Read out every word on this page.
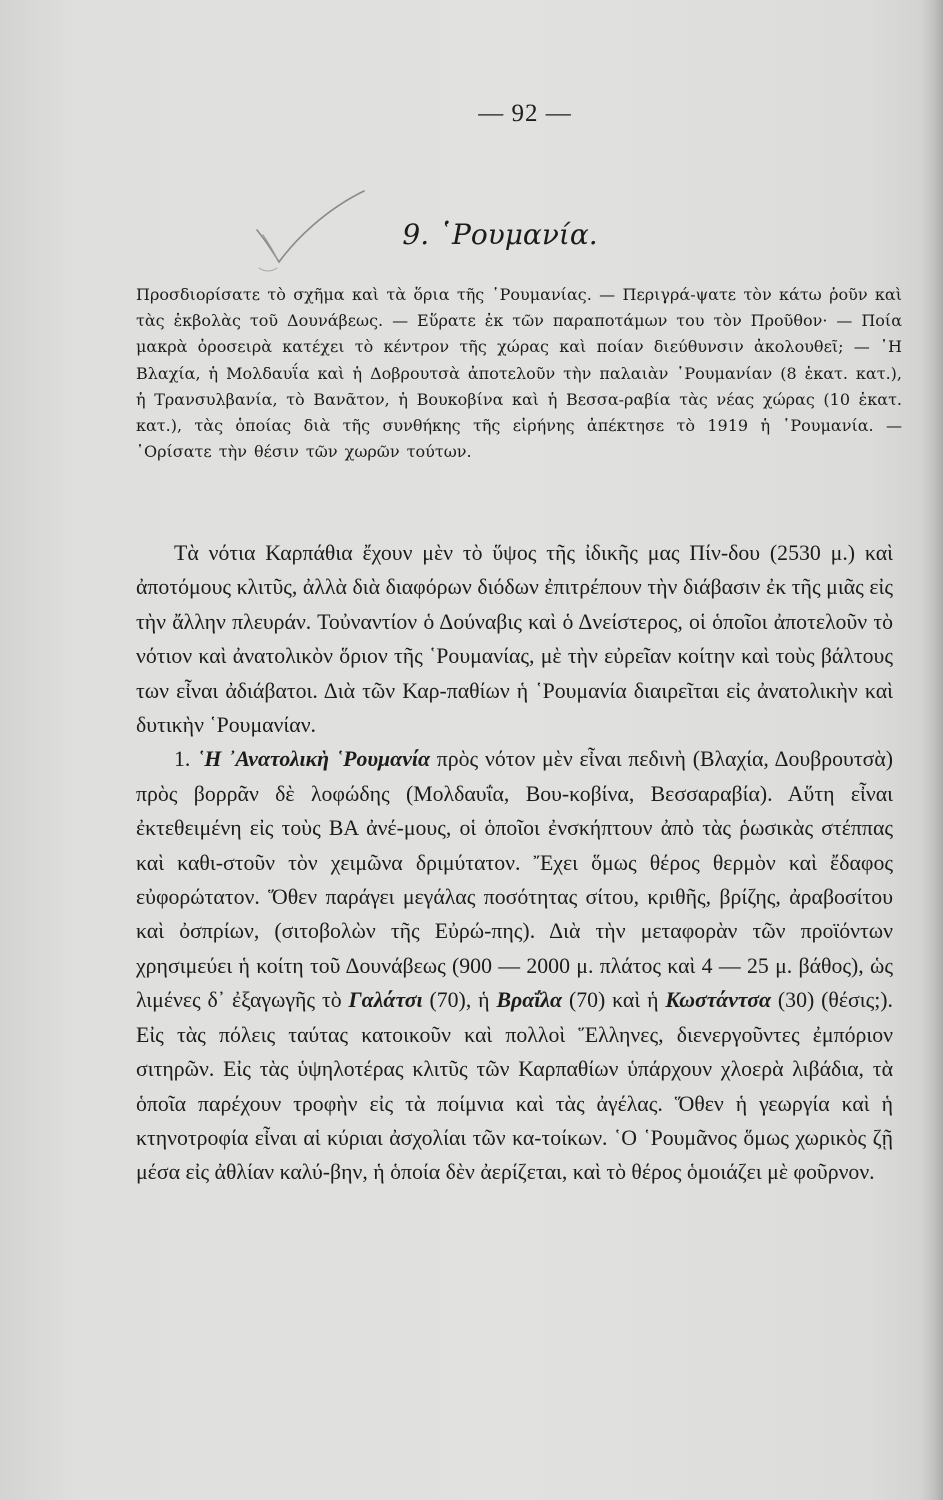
— 92 —
9. ῾Ρουμανία.

Προσδιορίσατε τὸ σχῆμα καὶ τὰ ὅρια τῆς ῾Ρουμανίας. — Περιγρά-ψατε τὸν κάτω ῥοῦν καὶ τὰς ἐκβολὰς τοῦ Δουνάβεως. — Εὕρατε ἐκ τῶν παραποτάμων του τὸν Προῦθον· — Ποία μακρὰ ὀροσειρὰ κατέχει τὸ κέντρον τῆς χώρας καὶ ποίαν διεύθυνσιν ἀκολουθεῖ; — ῾Η Βλαχία, ἡ Μολδαυΐα καὶ ἡ Δοβρουτσὰ ἀποτελοῦν τὴν παλαιὰν ῾Ρουμανίαν (8 ἑκατ. κατ.), ἡ Τρανσυλβανία, τὸ Βανᾶτον, ἡ Βουκοβίνα καὶ ἡ Βεσσα-ραβία τὰς νέας χώρας (10 ἑκατ. κατ.), τὰς ὁποίας διὰ τῆς συνθήκης τῆς εἰρήνης ἀπέκτησε τὸ 1919 ἡ ῾Ρουμανία. — ῾Ορίσατε τὴν θέσιν τῶν χωρῶν τούτων.

Τὰ νότια Καρπάθια ἔχουν μὲν τὸ ὕψος τῆς ἰδικῆς μας Πίν-δου (2530 μ.) καὶ ἀποτόμους κλιτῦς, ἀλλὰ διὰ διαφόρων διόδων ἐπιτρέπουν τὴν διάβασιν ἐκ τῆς μιᾶς εἰς τὴν ἄλλην πλευράν. Τοὐναντίον ὁ Δούναβις καὶ ὁ Δνείστερος, οἱ ὁποῖοι ἀποτελοῦν τὸ νότιον καὶ ἀνατολικὸν ὅριον τῆς ῾Ρουμανίας, μὲ τὴν εὐρεῖαν κοίτην καὶ τοὺς βάλτους των εἶναι ἀδιάβατοι. Διὰ τῶν Καρ-παθίων ἡ ῾Ρουμανία διαιρεῖται εἰς ἀνατολικὴν καὶ δυτικὴν ῾Ρουμανίαν.

1. ῾Η ᾿Ανατολικὴ ῾Ρουμανία πρὸς νότον μὲν εἶναι πεδινὴ (Βλαχία, Δουβρουτσὰ) πρὸς βορρᾶν δὲ λοφώδης (Μολδαυΐα, Βου-κοβίνα, Βεσσαραβία). Αὕτη εἶναι ἐκτεθειμένη εἰς τοὺς ΒΑ ἀνέ-μους, οἱ ὁποῖοι ἐνσκήπτουν ἀπὸ τὰς ῥωσικὰς στέππας καὶ καθι-στοῦν τὸν χειμῶνα δριμύτατον. Ἔχει ὅμως θέρος θερμὸν καὶ ἔδαφος εὐφορώτατον. Ὅθεν παράγει μεγάλας ποσότητας σίτου, κριθῆς, βρίζης, ἀραβοσίτου καὶ ὀσπρίων, (σιτοβολὼν τῆς Εὐρώ-πης). Διὰ τὴν μεταφορὰν τῶν προϊόντων χρησιμεύει ἡ κοίτη τοῦ Δουνάβεως (900 — 2000 μ. πλάτος καὶ 4 — 25 μ. βάθος), ὡς λιμένες δ᾿ ἐξαγωγῆς τὸ Γαλάτσι (70), ἡ Βραΐλα (70) καὶ ἡ Κωστάντσα (30) (θέσις;). Εἰς τὰς πόλεις ταύτας κατοικοῦν καὶ πολλοὶ Ἕλληνες, διενεργοῦντες ἐμπόριον σιτηρῶν. Εἰς τὰς ὑψηλοτέρας κλιτῦς τῶν Καρπαθίων ὑπάρχουν χλοερὰ λιβάδια, τὰ ὁποῖα παρέχουν τροφὴν εἰς τὰ ποίμνια καὶ τὰς ἀγέλας. Ὅθεν ἡ γεωργία καὶ ἡ κτηνοτροφία εἶναι αἱ κύριαι ἀσχολίαι τῶν κα-τοίκων. ῾Ο ῾Ρουμᾶνος ὅμως χωρικὸς ζῇ μέσα εἰς ἀθλίαν καλύ-βην, ἡ ὁποία δὲν ἀερίζεται, καὶ τὸ θέρος ὁμοιάζει μὲ φοῦρνον.
